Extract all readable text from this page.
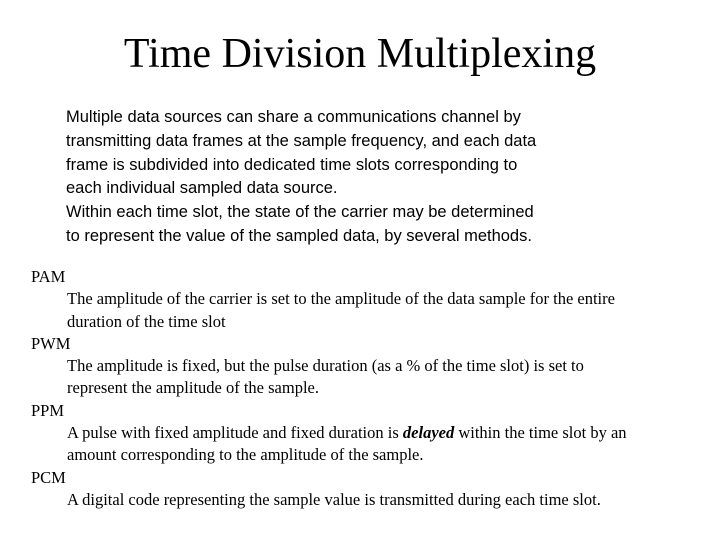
Time Division Multiplexing
Multiple data sources can share a communications channel by
transmitting data frames at the sample frequency, and each data
frame is subdivided into dedicated time slots corresponding to
each individual sampled data source.
Within each time slot, the state of the carrier may be determined
to represent the value of the sampled data, by several methods.
PAM
The amplitude of the carrier is set to the amplitude of the data sample for the entire
duration of the time slot
PWM
The amplitude is fixed, but the pulse duration (as a % of the time slot) is set to
represent the amplitude of the sample.
PPM
A pulse with fixed amplitude and fixed duration is delayed within the time slot by an
amount corresponding to the amplitude of the sample.
PCM
A digital code representing the sample value is transmitted during each time slot.
